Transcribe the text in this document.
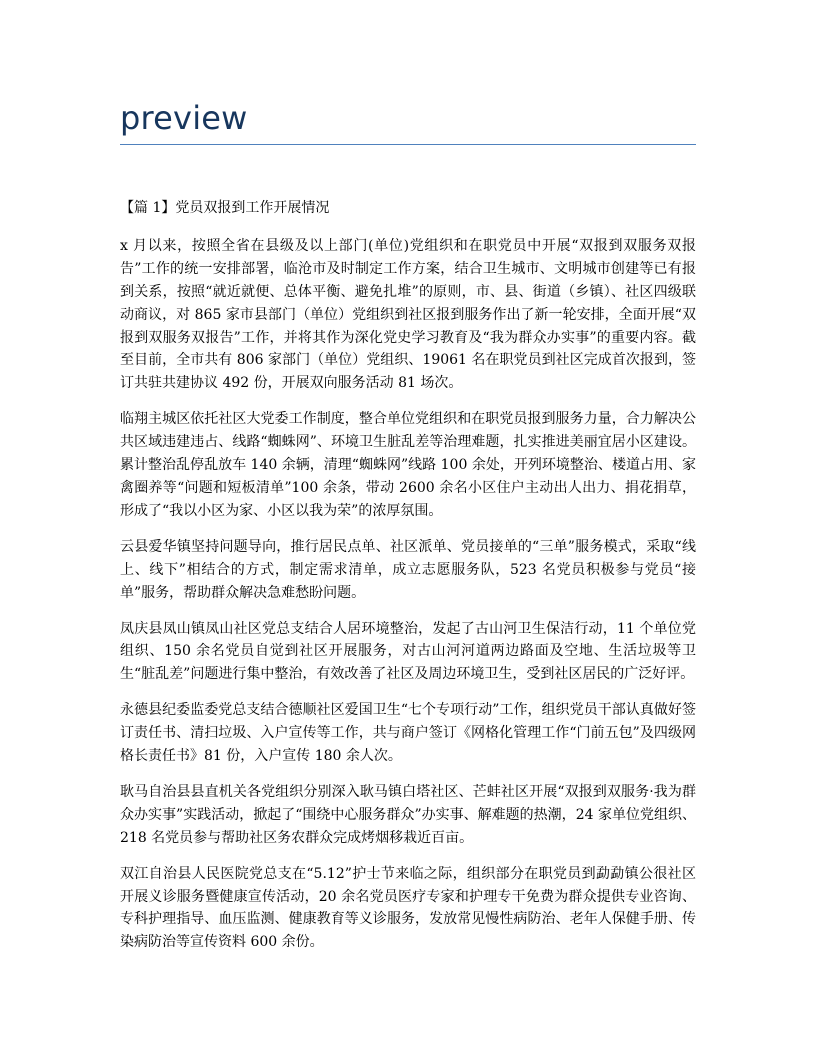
preview

【篇 1】党员双报到工作开展情况

x 月以来，按照全省在县级及以上部门(单位)党组织和在职党员中开展“双报到双服务双报告”工作的统一安排部署，临沧市及时制定工作方案，结合卫生城市、文明城市创建等已有报到关系，按照“就近就便、总体平衡、避免扎堆”的原则，市、县、街道（乡镇）、社区四级联动商议，对 865 家市县部门（单位）党组织到社区报到服务作出了新一轮安排，全面开展“双报到双服务双报告”工作，并将其作为深化党史学习教育及“我为群众办实事”的重要内容。截至目前，全市共有 806 家部门（单位）党组织、19061 名在职党员到社区完成首次报到，签订共驻共建协议 492 份，开展双向服务活动 81 场次。

临翔主城区依托社区大党委工作制度，整合单位党组织和在职党员报到服务力量，合力解决公共区域违建违占、线路“蜘蛛网”、环境卫生脏乱差等治理难题，扎实推进美丽宜居小区建设。累计整治乱停乱放车 140 余辆，清理“蜘蛛网”线路 100 余处，开列环境整治、楼道占用、家禽圈养等“问题和短板清单”100 余条，带动 2600 余名小区住户主动出人出力、捐花捐草，形成了“我以小区为家、小区以我为荣”的浓厚氛围。

云县爱华镇坚持问题导向，推行居民点单、社区派单、党员接单的“三单”服务模式，采取“线上、线下”相结合的方式，制定需求清单，成立志愿服务队，523 名党员积极参与党员“接单”服务，帮助群众解决急难愁盼问题。

凤庆县凤山镇凤山社区党总支结合人居环境整治，发起了古山河卫生保洁行动，11 个单位党组织、150 余名党员自觉到社区开展服务，对古山河河道两边路面及空地、生活垃圾等卫生“脏乱差”问题进行集中整治，有效改善了社区及周边环境卫生，受到社区居民的广泛好评。

永德县纪委监委党总支结合德顺社区爱国卫生“七个专项行动”工作，组织党员干部认真做好签订责任书、清扫垃圾、入户宣传等工作，共与商户签订《网格化管理工作“门前五包”及四级网格长责任书》81 份，入户宣传 180 余人次。

耿马自治县县直机关各党组织分别深入耿马镇白塔社区、芒蚌社区开展“双报到双服务·我为群众办实事”实践活动，掀起了“围绕中心服务群众”办实事、解难题的热潮，24 家单位党组织、218 名党员参与帮助社区务农群众完成烤烟移栽近百亩。

双江自治县人民医院党总支在“5.12”护士节来临之际，组织部分在职党员到勐勐镇公很社区开展义诊服务暨健康宣传活动，20 余名党员医疗专家和护理专干免费为群众提供专业咨询、专科护理指导、血压监测、健康教育等义诊服务，发放常见慢性病防治、老年人保健手册、传染病防治等宣传资料 600 余份。
